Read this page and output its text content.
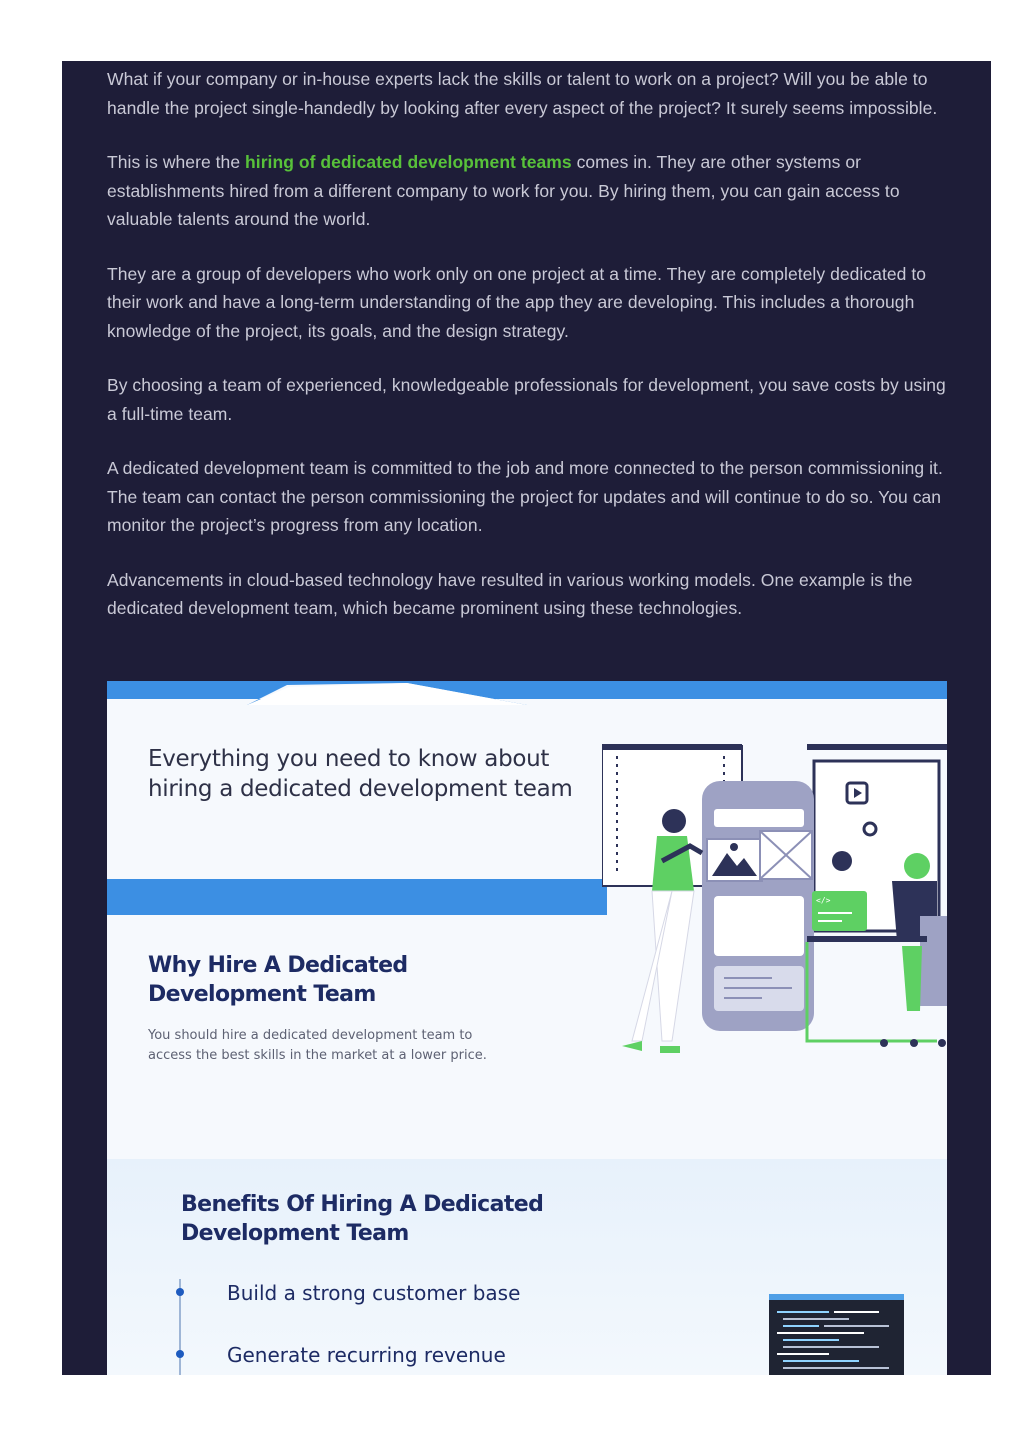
What if your company or in-house experts lack the skills or talent to work on a project? Will you be able to handle the project single-handedly by looking after every aspect of the project? It surely seems impossible.

This is where the hiring of dedicated development teams comes in. They are other systems or establishments hired from a different company to work for you. By hiring them, you can gain access to valuable talents around the world.

They are a group of developers who work only on one project at a time. They are completely dedicated to their work and have a long-term understanding of the app they are developing. This includes a thorough knowledge of the project, its goals, and the design strategy.

By choosing a team of experienced, knowledgeable professionals for development, you save costs by using a full-time team.

A dedicated development team is committed to the job and more connected to the person commissioning it. The team can contact the person commissioning the project for updates and will continue to do so. You can monitor the project’s progress from any location.

Advancements in cloud-based technology have resulted in various working models. One example is the dedicated development team, which became prominent using these technologies.

Everything you need to know about hiring a dedicated development team
Why Hire A Dedicated Development Team

You should hire a dedicated development team to access the best skills in the market at a lower price.

</>
Benefits Of Hiring A Dedicated Development Team

Build a strong customer base

Generate recurring revenue
